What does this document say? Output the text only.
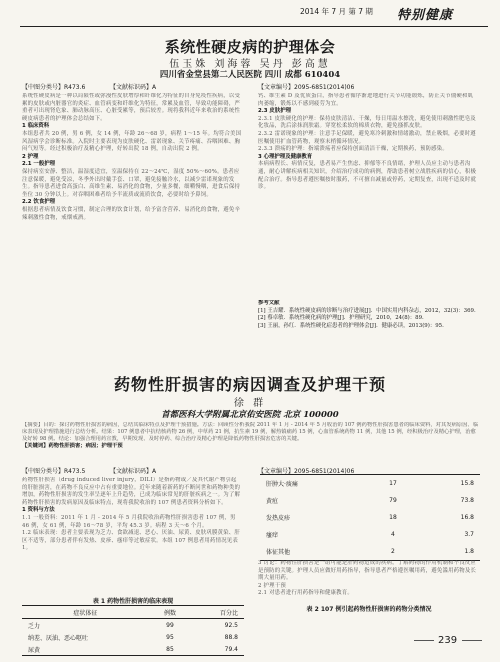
2014 年 7 月 第 7 期 特别健康
系统性硬皮病的护理体会
伍玉姝 刘海蓉 吴丹 彭高慧
四川省金堂县第二人民医院 四川 成都 610404
【中图分类号】R473.6	【文献标识码】A	【文章编号】2095-6851(2014)06
系统性硬皮病是一种以局限性或弥漫性皮肤增厚和纤维化为特征的自身免疫性疾病，以受累的皮肤或内脏器官的炎症、血管病变和纤维化为特征，常累及血管，导致功能障碍，严重者可出现肾危象、肺动脉高压、心脏受累等，预后较差。现将我科近年来收治的系统性硬皮病患者的护理体会总结如下。
1 临床资料
本组患者共 20 例，男 6 例，女 14 例，年龄 26～68 岁，病程 1～15 年。均符合美国风湿病学会诊断标准。入院时主要表现为皮肤硬化、雷诺现象、关节疼痛、吞咽困难、胸闷气短等。经过积极治疗及精心护理，好转出院 18 例，自动出院 2 例。
2 护理
2.1 一般护理
保持病室安静、整洁，温湿度适宜，室温保持在 22～24℃，湿度 50%～60%。患者应注意保暖，避免受凉，冬季外出时戴手套、口罩，避免接触冷水，以减少雷诺现象的发生。指导患者进食高蛋白、高维生素、易消化的食物，少量多餐，细嚼慢咽，进食后保持坐位 30 分钟以上。对吞咽困难者给予半流质或流质饮食，必要时给予鼻饲。
2.2 饮食护理
根据患者病情及饮食习惯，制定合理的饮食计划，给予富含营养、易消化的食物，避免辛辣刺激性食物，戒烟戒酒。
钙、维生素 D 及优质蛋白，指导患者循序渐进地进行关节功能锻炼，防止关节僵硬和肌肉萎缩，锻炼以不感到疲劳为宜。
2.3 皮肤护理
2.3.1 皮肤硬化的护理：保持皮肤清洁、干燥，每日用温水擦洗，避免使用刺激性肥皂及化妆品，洗后涂抹润肤霜。穿宽松柔软的棉质衣物，避免搔抓皮肤。
2.3.2 雷诺现象的护理：注意手足保暖，避免寒冷刺激和情绪激动，禁止吸烟，必要时遵医嘱使用扩血管药物，观察末梢循环情况。
2.3.3 溃疡的护理：指端溃疡者应保持创面清洁干燥，定期换药，预防感染。
3 心理护理及健康教育
本病病程长、病情反复，患者易产生焦虑、抑郁等不良情绪，护理人员应主动与患者沟通，耐心讲解疾病相关知识，介绍治疗成功的病例，帮助患者树立战胜疾病的信心，积极配合治疗。指导患者遵医嘱按时服药，不可擅自减量或停药，定期复查，出现不适及时就诊。
参考文献
[1] 王吉耀．系统性硬皮病的诊断与治疗进展[J]．中国实用内科杂志，2012，32(3)：369.
[2] 蔡卓敏．系统性硬化病的护理[J]．护理研究，2010，24(8)：89.
[3] 王丽，孙红．系统性硬化症患者的护理体会[J]．健康必读，2013(9)：95.
药物性肝损害的病因调查及护理干预
徐 群
首都医科大学附属北京佑安医院 北京 100000
【摘要】目的：探讨药物性肝损害的病因，总结其临床特点及护理干预措施。方法：回顾性分析我院 2011 年 1 月 - 2014 年 5 月收治的 107 例药物性肝损害患者的临床资料，对其发病原因、临床表现及护理措施进行总结分析。结果：107 例患者中抗结核药物 26 例，中草药 21 例，抗生素 19 例，解热镇痛药 15 例，心血管系统药物 11 例，其他 15 例，经积极治疗及精心护理，治愈及好转 98 例。结论：加强合理用药宣教，早期发现、及时停药、综合治疗及精心护理是降低药物性肝损害危害的关键。
【关键词】药物性肝损害；病因；护理干预
【中图分类号】R473.5	【文献标识码】A	【文章编号】2095-6851(2014)06
药物性肝损害（drug induced liver injury，DILI）是指药物或／及其代谢产物引起的肝脏损害，在药物不良反应中占有重要地位。近年来随着新药的不断问世和药物种类的增加，药物性肝损害的发生率呈逐年上升趋势，已成为临床常见的肝脏疾病之一。为了解药物性肝损害的发病原因及临床特点，现将我院收治的 107 例患者资料分析如下。
1 资料与方法
1.1 一般资料：2011 年 1 月 - 2014 年 5 月我院收治药物性肝损害患者 107 例，男 46 例，女 61 例，年龄 16～78 岁，平均 45.3 岁。病程 3 天～6 个月。
1.2 临床表现：患者主要表现为乏力、食欲减退、恶心、厌油、尿黄、皮肤巩膜黄染、肝区不适等，部分患者伴有发热、皮疹、瘙痒等过敏症状。本组 107 例患者用药情况见表 1。
肝肿大·痰痛	17	15.8
黄疸	79	73.8
发热皮疹	18	16.8
瘙痒	4	3.7
体征其他	2	1.8
3 讨论：药物性肝损害是一组可能是肝药物造成的疾病，了解药物的作用机制和不良反应是预防的关键。护理人员应做好用药指导，指导患者严格遵医嘱用药，避免滥用药物及长期大量用药。
2 护理干预
2.1 对患者进行用药指导和健康教育。
表 2 107 例引起药物性肝损害的药物分类情况
表 1 药物性肝损害的临床表现
症状体征	例数	百分比
乏力	99	92.5
纳差、厌油、恶心呕吐	95	88.8
尿黄	85	79.4
239
